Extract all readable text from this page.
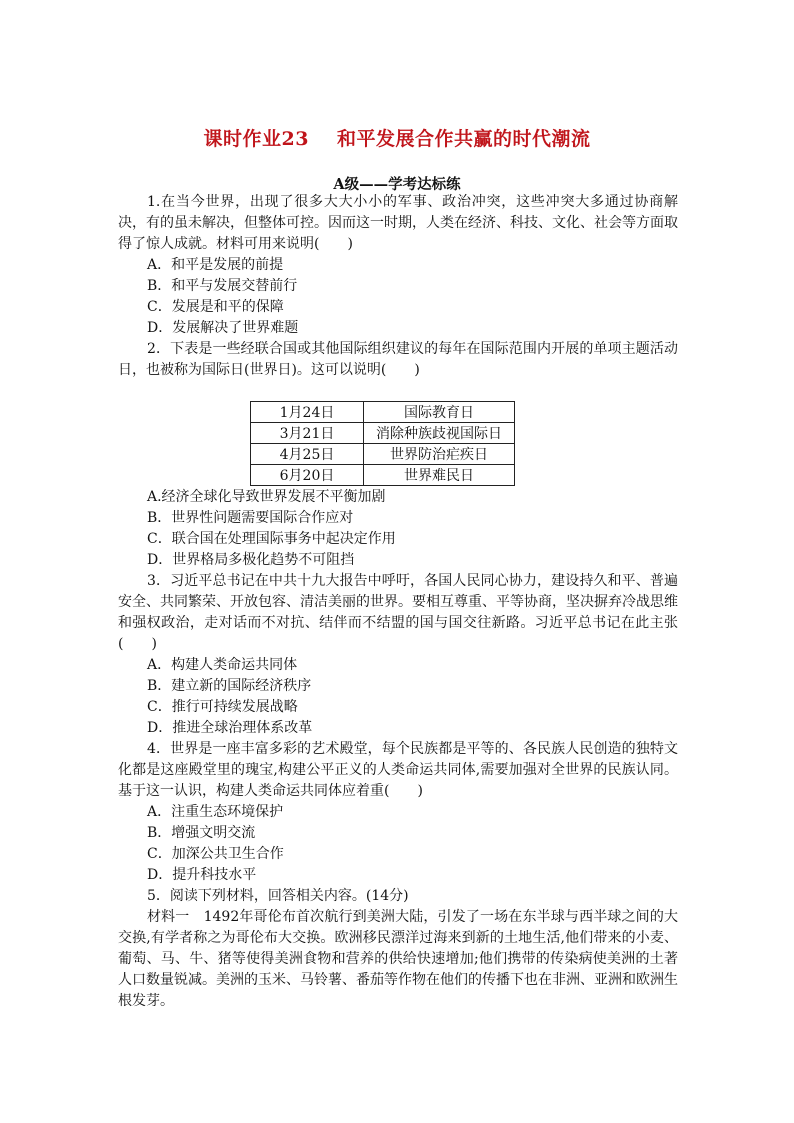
课时作业23 和平发展合作共赢的时代潮流
A级——学考达标练
1.在当今世界，出现了很多大大小小的军事、政治冲突，这些冲突大多通过协商解决，有的虽未解决，但整体可控。因而这一时期，人类在经济、科技、文化、社会等方面取得了惊人成就。材料可用来说明(　　)
A．和平是发展的前提
B．和平与发展交替前行
C．发展是和平的保障
D．发展解决了世界难题
2．下表是一些经联合国或其他国际组织建议的每年在国际范围内开展的单项主题活动日，也被称为国际日(世界日)。这可以说明(　　)
1月24日	国际教育日
3月21日	消除种族歧视国际日
4月25日	世界防治疟疾日
6月20日	世界难民日
A.经济全球化导致世界发展不平衡加剧
B．世界性问题需要国际合作应对
C．联合国在处理国际事务中起决定作用
D．世界格局多极化趋势不可阻挡
3．习近平总书记在中共十九大报告中呼吁，各国人民同心协力，建设持久和平、普遍安全、共同繁荣、开放包容、清洁美丽的世界。要相互尊重、平等协商，坚决摒弃冷战思维和强权政治，走对话而不对抗、结伴而不结盟的国与国交往新路。习近平总书记在此主张(　　)
A．构建人类命运共同体
B．建立新的国际经济秩序
C．推行可持续发展战略
D．推进全球治理体系改革
4．世界是一座丰富多彩的艺术殿堂，每个民族都是平等的、各民族人民创造的独特文化都是这座殿堂里的瑰宝,构建公平正义的人类命运共同体,需要加强对全世界的民族认同。基于这一认识，构建人类命运共同体应着重(　　)
A．注重生态环境保护
B．增强文明交流
C．加深公共卫生合作
D．提升科技水平
5．阅读下列材料，回答相关内容。(14分)
材料一　1492年哥伦布首次航行到美洲大陆，引发了一场在东半球与西半球之间的大交换,有学者称之为哥伦布大交换。欧洲移民漂洋过海来到新的土地生活,他们带来的小麦、葡萄、马、牛、猪等使得美洲食物和营养的供给快速增加;他们携带的传染病使美洲的土著人口数量锐减。美洲的玉米、马铃薯、番茄等作物在他们的传播下也在非洲、亚洲和欧洲生根发芽。
